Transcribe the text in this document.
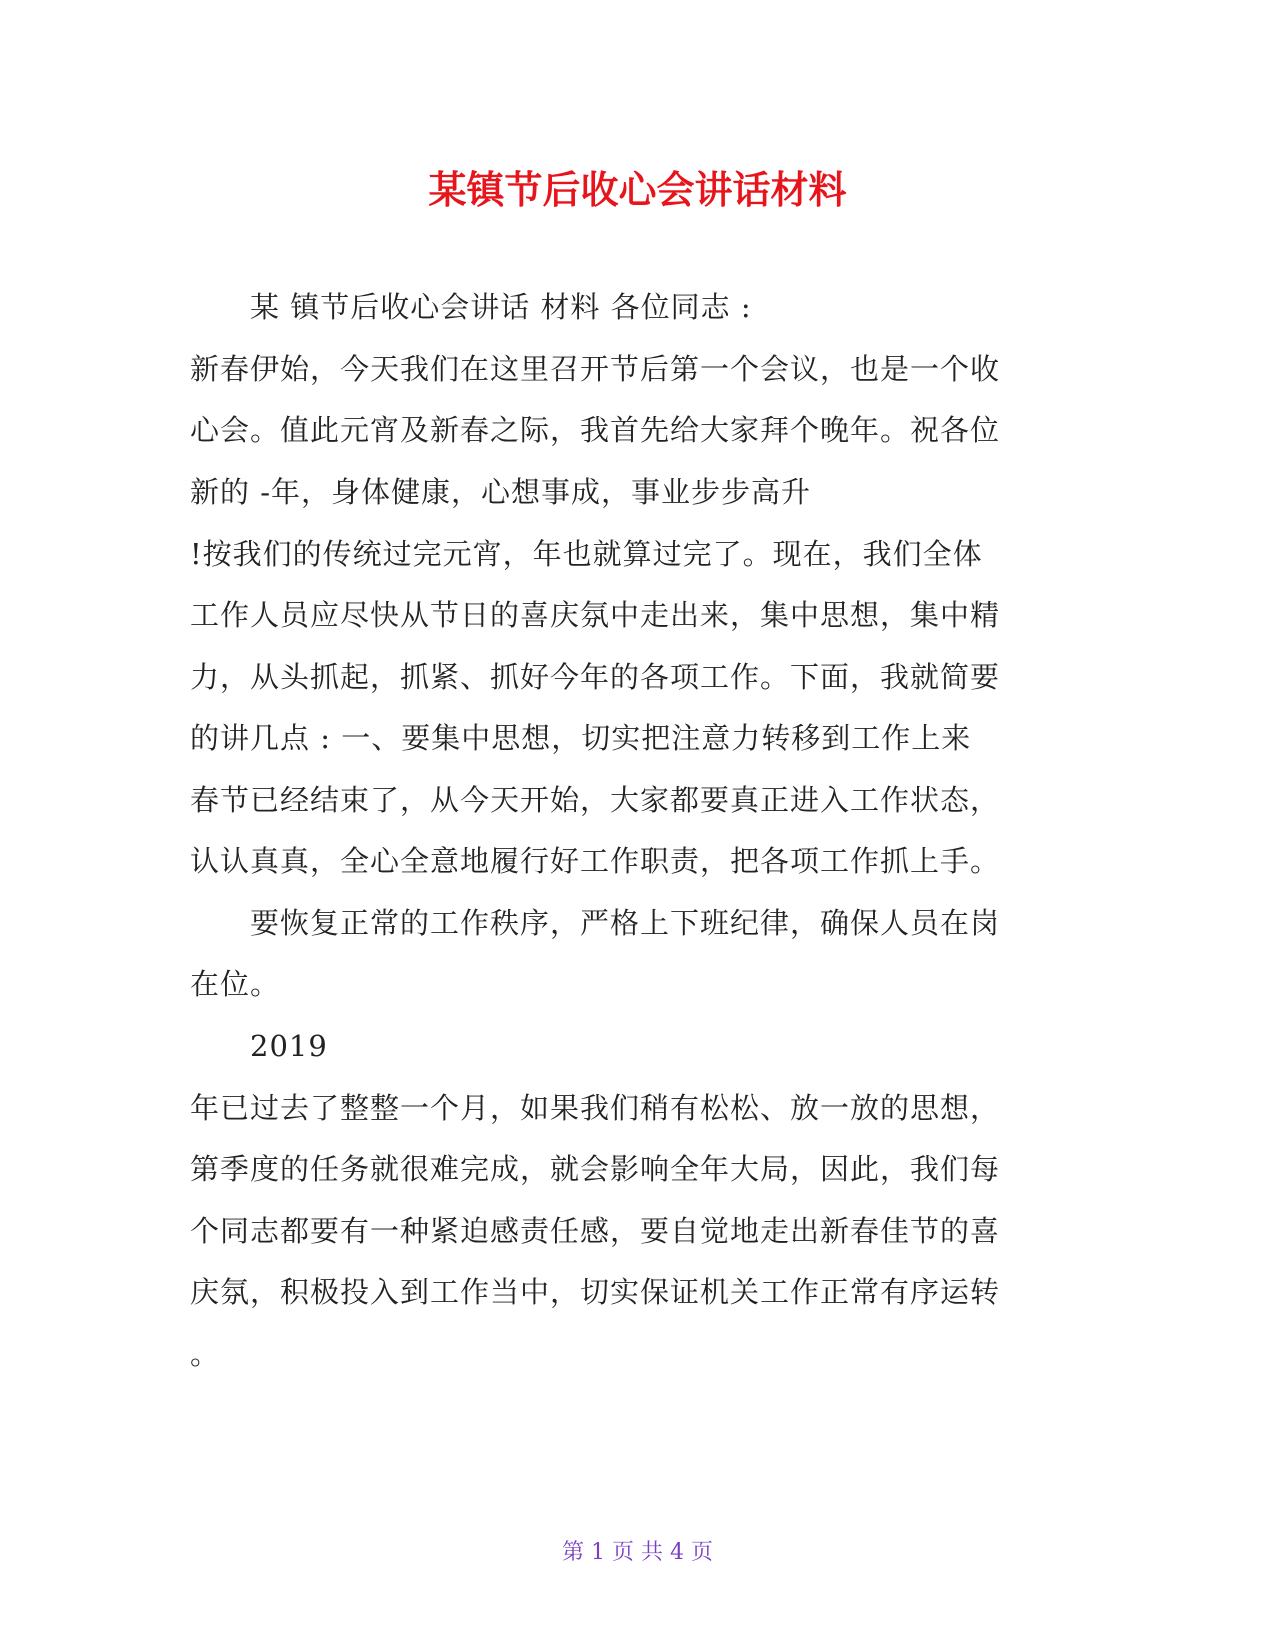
某镇节后收心会讲话材料
某 镇节后收心会讲话 材料 各位同志 :
新春伊始，今天我们在这里召开节后第一个会议，也是一个收
心会。值此元宵及新春之际，我首先给大家拜个晚年。祝各位
新的 -年，身体健康，心想事成，事业步步高升
!按我们的传统过完元宵，年也就算过完了。现在，我们全体
工作人员应尽快从节日的喜庆氛中走出来，集中思想，集中精
力，从头抓起，抓紧、抓好今年的各项工作。下面，我就简要
的讲几点 : 一、要集中思想，切实把注意力转移到工作上来
春节已经结束了，从今天开始，大家都要真正进入工作状态，
认认真真，全心全意地履行好工作职责，把各项工作抓上手。
要恢复正常的工作秩序，严格上下班纪律，确保人员在岗
在位。
2019
年已过去了整整一个月，如果我们稍有松松、放一放的思想，
第季度的任务就很难完成，就会影响全年大局，因此，我们每
个同志都要有一种紧迫感责任感，要自觉地走出新春佳节的喜
庆氛，积极投入到工作当中，切实保证机关工作正常有序运转
。
第 1 页 共 4 页
